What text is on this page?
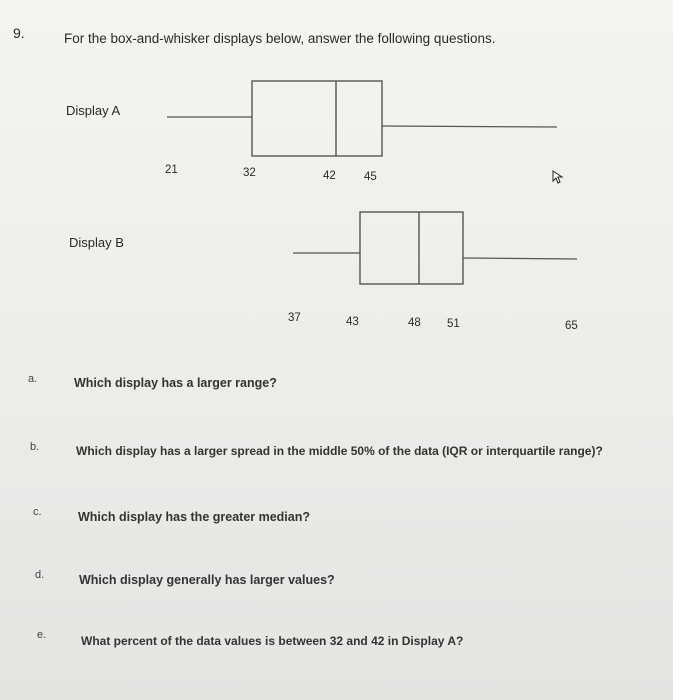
9.	For the box-and-whisker displays below, answer the following questions.
Display A
21	32	42 45
Display B
37	43	48 51	65
a.	Which display has a larger range?
b.	Which display has a larger spread in the middle 50% of the data (IQR or interquartile range)?
c.	Which display has the greater median?
d.	Which display generally has larger values?
e.	What percent of the data values is between 32 and 42 in Display A?
